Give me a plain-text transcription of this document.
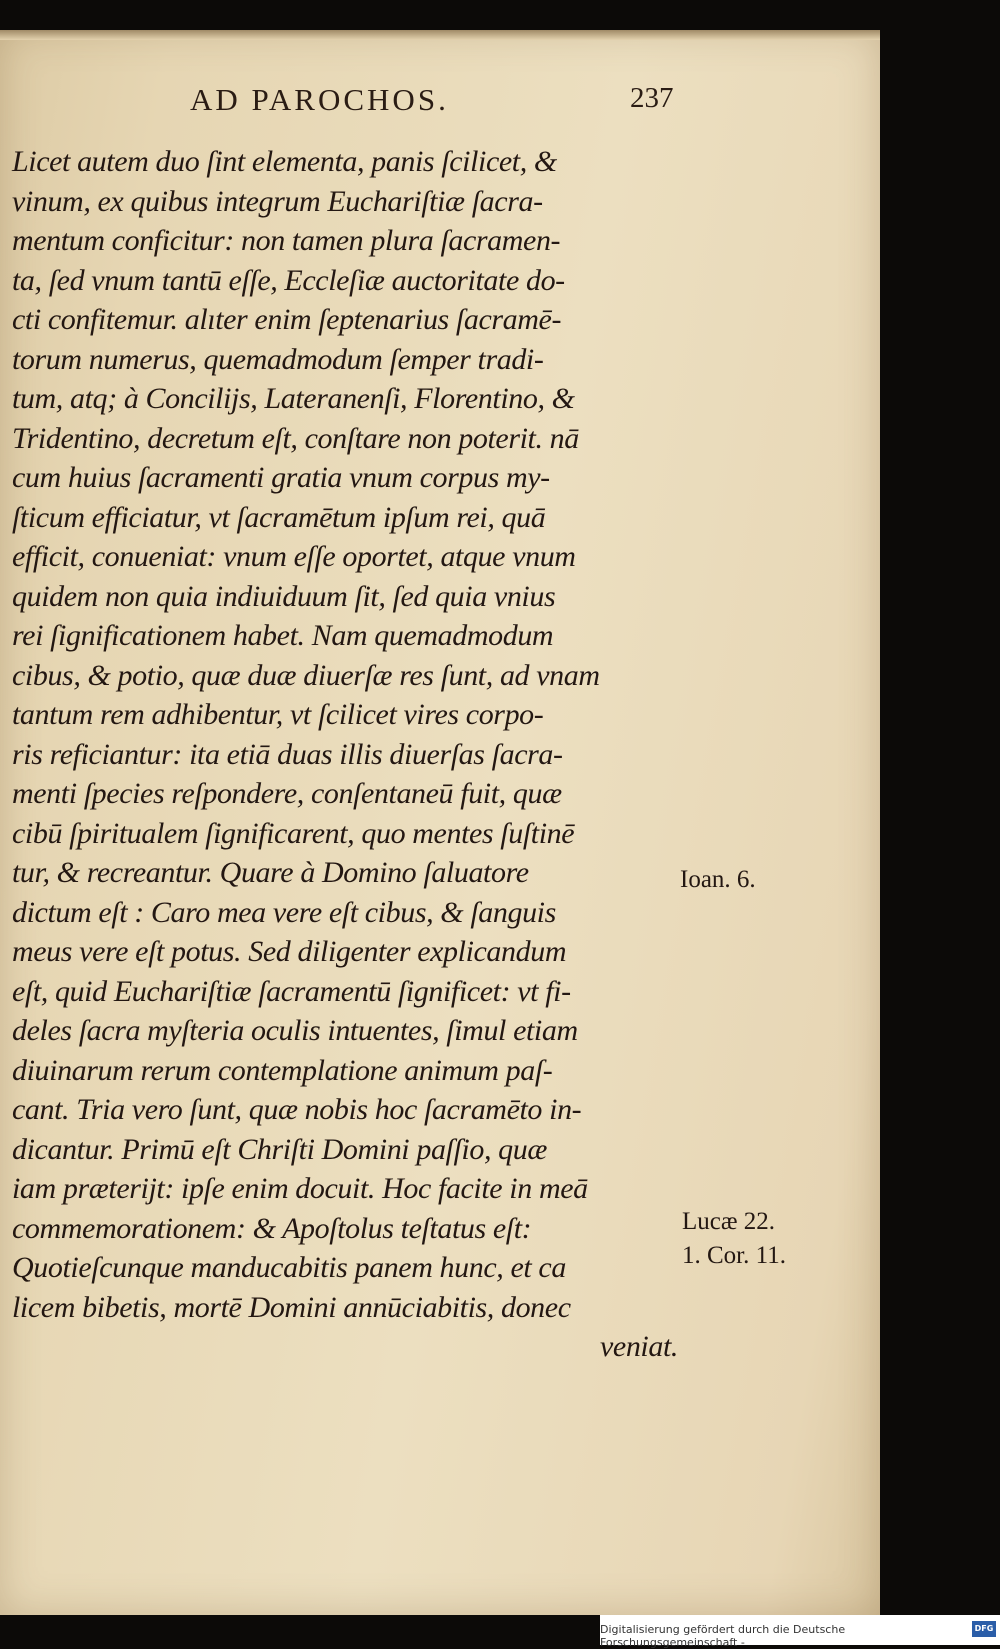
AD PAROCHOS.	237
Licet autem duo ſint elementa, panis ſcilicet, &
vinum, ex quibus integrum Euchariſtiæ ſacra-
mentum conficitur: non tamen plura ſacramen-
ta, ſed vnum tantū eſſe, Eccleſiæ auctoritate do-
cti confitemur. alıter enim ſeptenarius ſacramē-
torum numerus, quemadmodum ſemper tradi-
tum, atq; à Concilijs, Lateranenſi, Florentino, &
Tridentino, decretum eſt, conſtare non poterit. nā
cum huius ſacramenti gratia vnum corpus my-
ſticum efficiatur, vt ſacramētum ipſum rei, quā
efficit, conueniat: vnum eſſe oportet, atque vnum
quidem non quia indiuiduum ſit, ſed quia vnius
rei ſignificationem habet. Nam quemadmodum
cibus, & potio, quæ duæ diuerſæ res ſunt, ad vnam
tantum rem adhibentur, vt ſcilicet vires corpo-
ris reficiantur: ita etiā duas illis diuerſas ſacra-
menti ſpecies reſpondere, conſentaneū fuit, quæ
cibū ſpiritualem ſignificarent, quo mentes ſuſtinē
tur, & recreantur. Quare à Domino ſaluatore
dictum eſt : Caro mea vere eſt cibus, & ſanguis
meus vere eſt potus. Sed diligenter explicandum
eſt, quid Euchariſtiæ ſacramentū ſignificet: vt fi-
deles ſacra myſteria oculis intuentes, ſimul etiam
diuinarum rerum contemplatione animum paſ-
cant. Tria vero ſunt, quæ nobis hoc ſacramēto in-
dicantur. Primū eſt Chriſti Domini paſſio, quæ
iam præterijt: ipſe enim docuit. Hoc facite in meā
commemorationem: & Apoſtolus teſtatus eſt:
Quotieſcunque manducabitis panem hunc, et ca
licem bibetis, mortē Domini annūciabitis, donec
veniat.
Ioan. 6.
Lucæ 22.
1. Cor. 11.
Digitalisierung gefördert durch die Deutsche Forschungsgemeinschaft -
DFG
